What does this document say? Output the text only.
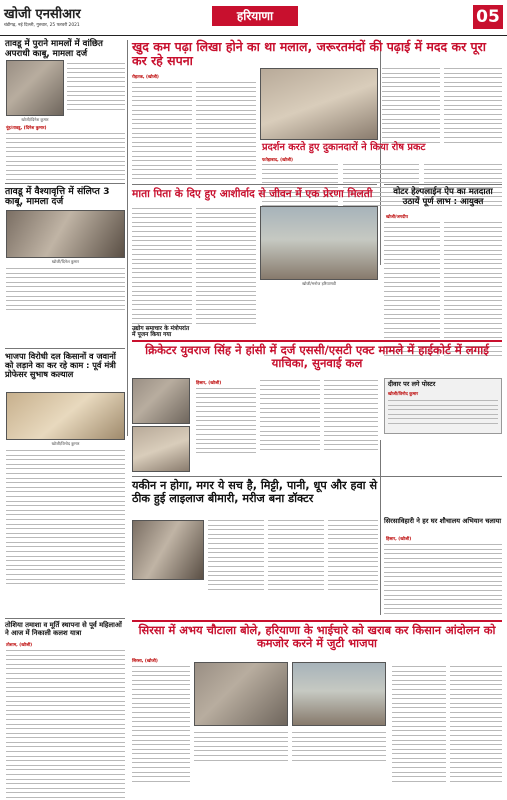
खोजी एनसीआर
चंडीगढ़, नई दिल्ली, गुरुवार, 25 फरवरी 2021
हरियाणा	05
तावडू में पुराने मामलों में वांछित अपराधी काबू, मामला दर्ज
खोजी/दिनेश कुमार
नूंह/तावडू, (दिनेश कुमार)
खुद कम पढ़ा लिखा होने का था मलाल, जरूरतमंदों की पढ़ाई में मदद कर पूरा कर रहे सपना
रोहतक, (खोजी)
प्रदर्शन करते हुए दुकानदारों ने किया रोष प्रकट
फतेहाबाद, (खोजी)
तावडू में वैश्यावृत्ति में संलिप्त 3 काबू, मामला दर्ज
खोजी/दिनेश कुमार
माता पिता के दिए हुए आशीर्वाद से जीवन में एक प्रेरणा मिलती
खोजी/मनोज हरियाणवी
उद्योग समाचार के मंत्रोपरांत में पूजन किया गया
वोटर हेल्पलाईन ऐप का मतदाता उठायें पूर्ण लाभ : आयुक्त
खोजी/जगदीप
भाजपा विरोधी दल किसानों व जवानों को लड़ाने का कर रहे काम : पूर्व मंत्री प्रोफेसर सुभाष कल्याल
खोजी/विनोद कुमार
क्रिकेटर युवराज सिंह ने हांसी में दर्ज एससी/एसटी एक्ट मामले में हाईकोर्ट में लगाई याचिका, सुनवाई कल
हिसार, (खोजी)	दीवार पर लगे पोस्टर
खोजी/विनोद कुमार
यकीन न होगा, मगर ये सच है, मिट्टी, पानी, धूप और हवा से ठीक हुई लाइलाज बीमारी, मरीज बना डॉक्टर
सिरसाविहारी ने हर घर शौचालय अभियान चलाया
हिसार, (खोजी)
तोशिया तमाशा व मूर्ति स्थापना से पूर्व महिलाओं ने आज में निकाली कलश यात्रा
तोशाम, (खोजी)
सिरसा में अभय चौटाला बोले, हरियाणा के भाईचारे को खराब कर किसान आंदोलन को कमजोर करने में जुटी भाजपा
सिरसा, (खोजी)
